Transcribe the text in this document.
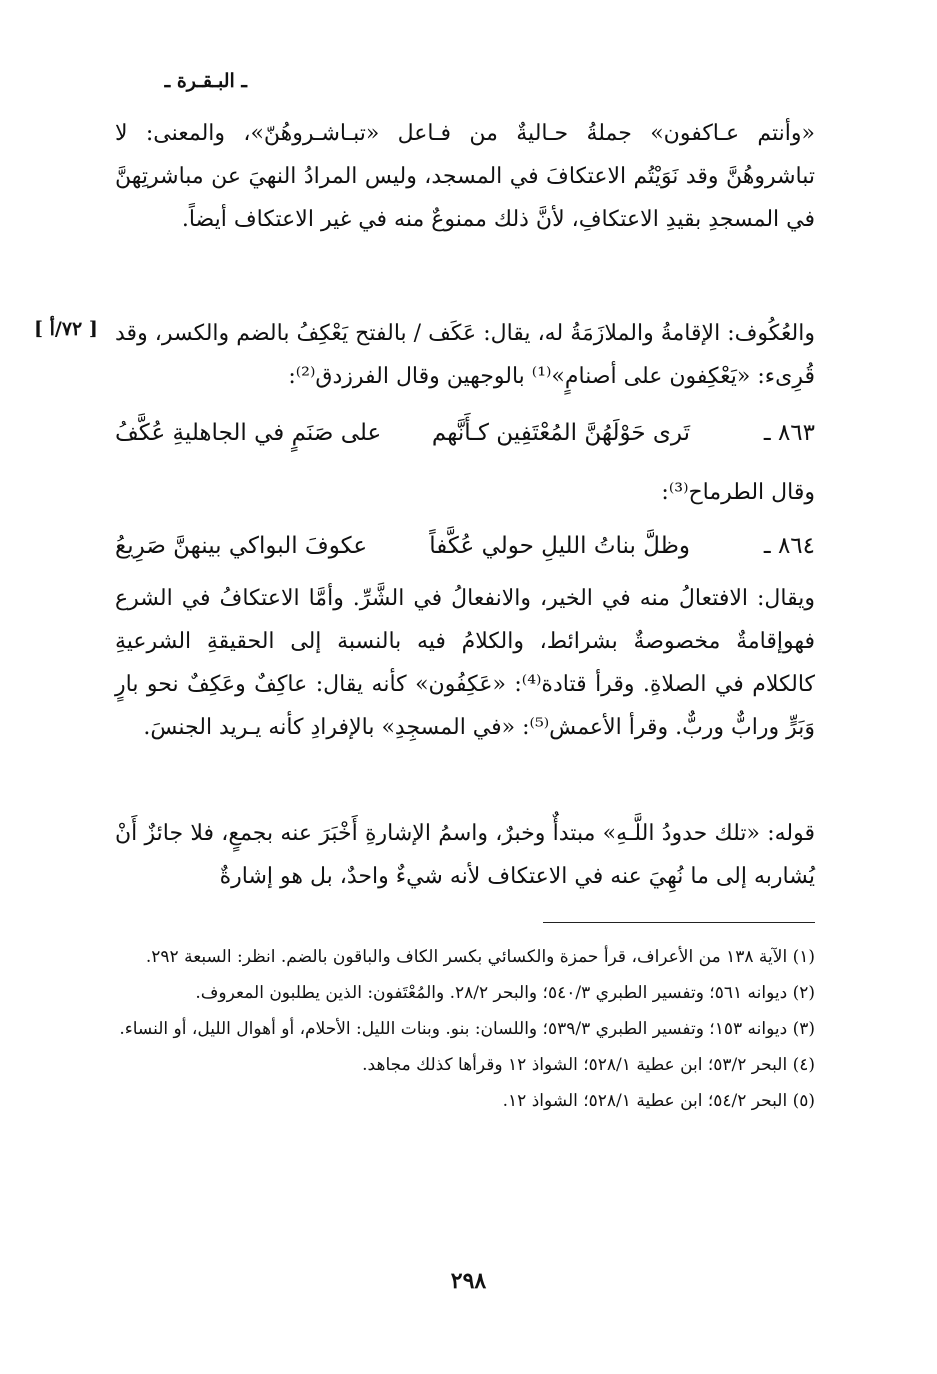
ـ البـقـرة ـ
[ ٧٢/أ ]
«وأنتم عـاكفون» جملةُ حـاليةٌ من فـاعل «تبـاشـروهُنّ»، والمعنى: لا تباشروهُنَّ وقد نَوَيْتُم الاعتكافَ في المسجد، وليس المرادُ النهيَ عن مباشرتِهنَّ في المسجدِ بقيدِ الاعتكافِ، لأنَّ ذلك ممنوعٌ منه في غير الاعتكاف أيضاً.
والعُكُوف: الإقامةُ والملازَمَةُ له، يقال: عَكَف / بالفتح يَعْكِفُ بالضم والكسر، وقد قُرِىء: «يَعْكِفون على أصنامٍ»⁽¹⁾ بالوجهين وقال الفرزدق⁽²⁾:
٨٦٣ ـ
تَرى حَوْلَهُنَّ المُعْتَفِين كـأَنَّهم
على صَنَمٍ في الجاهليةِ عُكَّفُ
وقال الطرماح⁽³⁾:
٨٦٤ ـ
وظلَّ بناتُ الليلِ حولي عُكَّفاً
عكوفَ البواكي بينهنَّ صَرِيعُ
ويقال: الافتعالُ منه في الخير، والانفعالُ في الشَّرِّ. وأمَّا الاعتكافُ في الشرع فهوإقامةٌ مخصوصةٌ بشرائط، والكلامُ فيه بالنسبة إلى الحقيقةِ الشرعيةِ كالكلام في الصلاةِ. وقرأ قتادة⁽⁴⁾: «عَكِفُون» كأنه يقال: عاكِفٌ وعَكِفٌ نحو بارٍ وَبَرٍّ ورابٌّ وربٌّ. وقرأ الأعمش⁽⁵⁾: «في المسجِدِ» بالإفرادِ كأنه يـريد الجنسَ.
قوله: «تلك حدودُ اللَّـهِ» مبتدأٌ وخبرٌ، واسمُ الإشارةِ أَخْبَرَ عنه بجمعٍ، فلا جائزٌ أَنْ يُشاربه إلى ما نُهِيَ عنه في الاعتكاف لأنه شيءٌ واحدٌ، بل هو إشارةٌ

(١) الآية ١٣٨ من الأعراف، قرأ حمزة والكسائي بكسر الكاف والباقون بالضم. انظر: السبعة ٢٩٢.

(٢) ديوانه ٥٦١؛ وتفسير الطبري ٥٤٠/٣؛ والبحر ٢٨/٢. والمُعْتَفون: الذين يطلبون المعروف.

(٣) ديوانه ١٥٣؛ وتفسير الطبري ٥٣٩/٣؛ واللسان: بنو. وبنات الليل: الأحلام، أو أهوال الليل، أو النساء.

(٤) البحر ٥٣/٢؛ ابن عطية ٥٢٨/١؛ الشواذ ١٢ وقرأها كذلك مجاهد.

(٥) البحر ٥٤/٢؛ ابن عطية ٥٢٨/١؛ الشواذ ١٢.

٢٩٨
